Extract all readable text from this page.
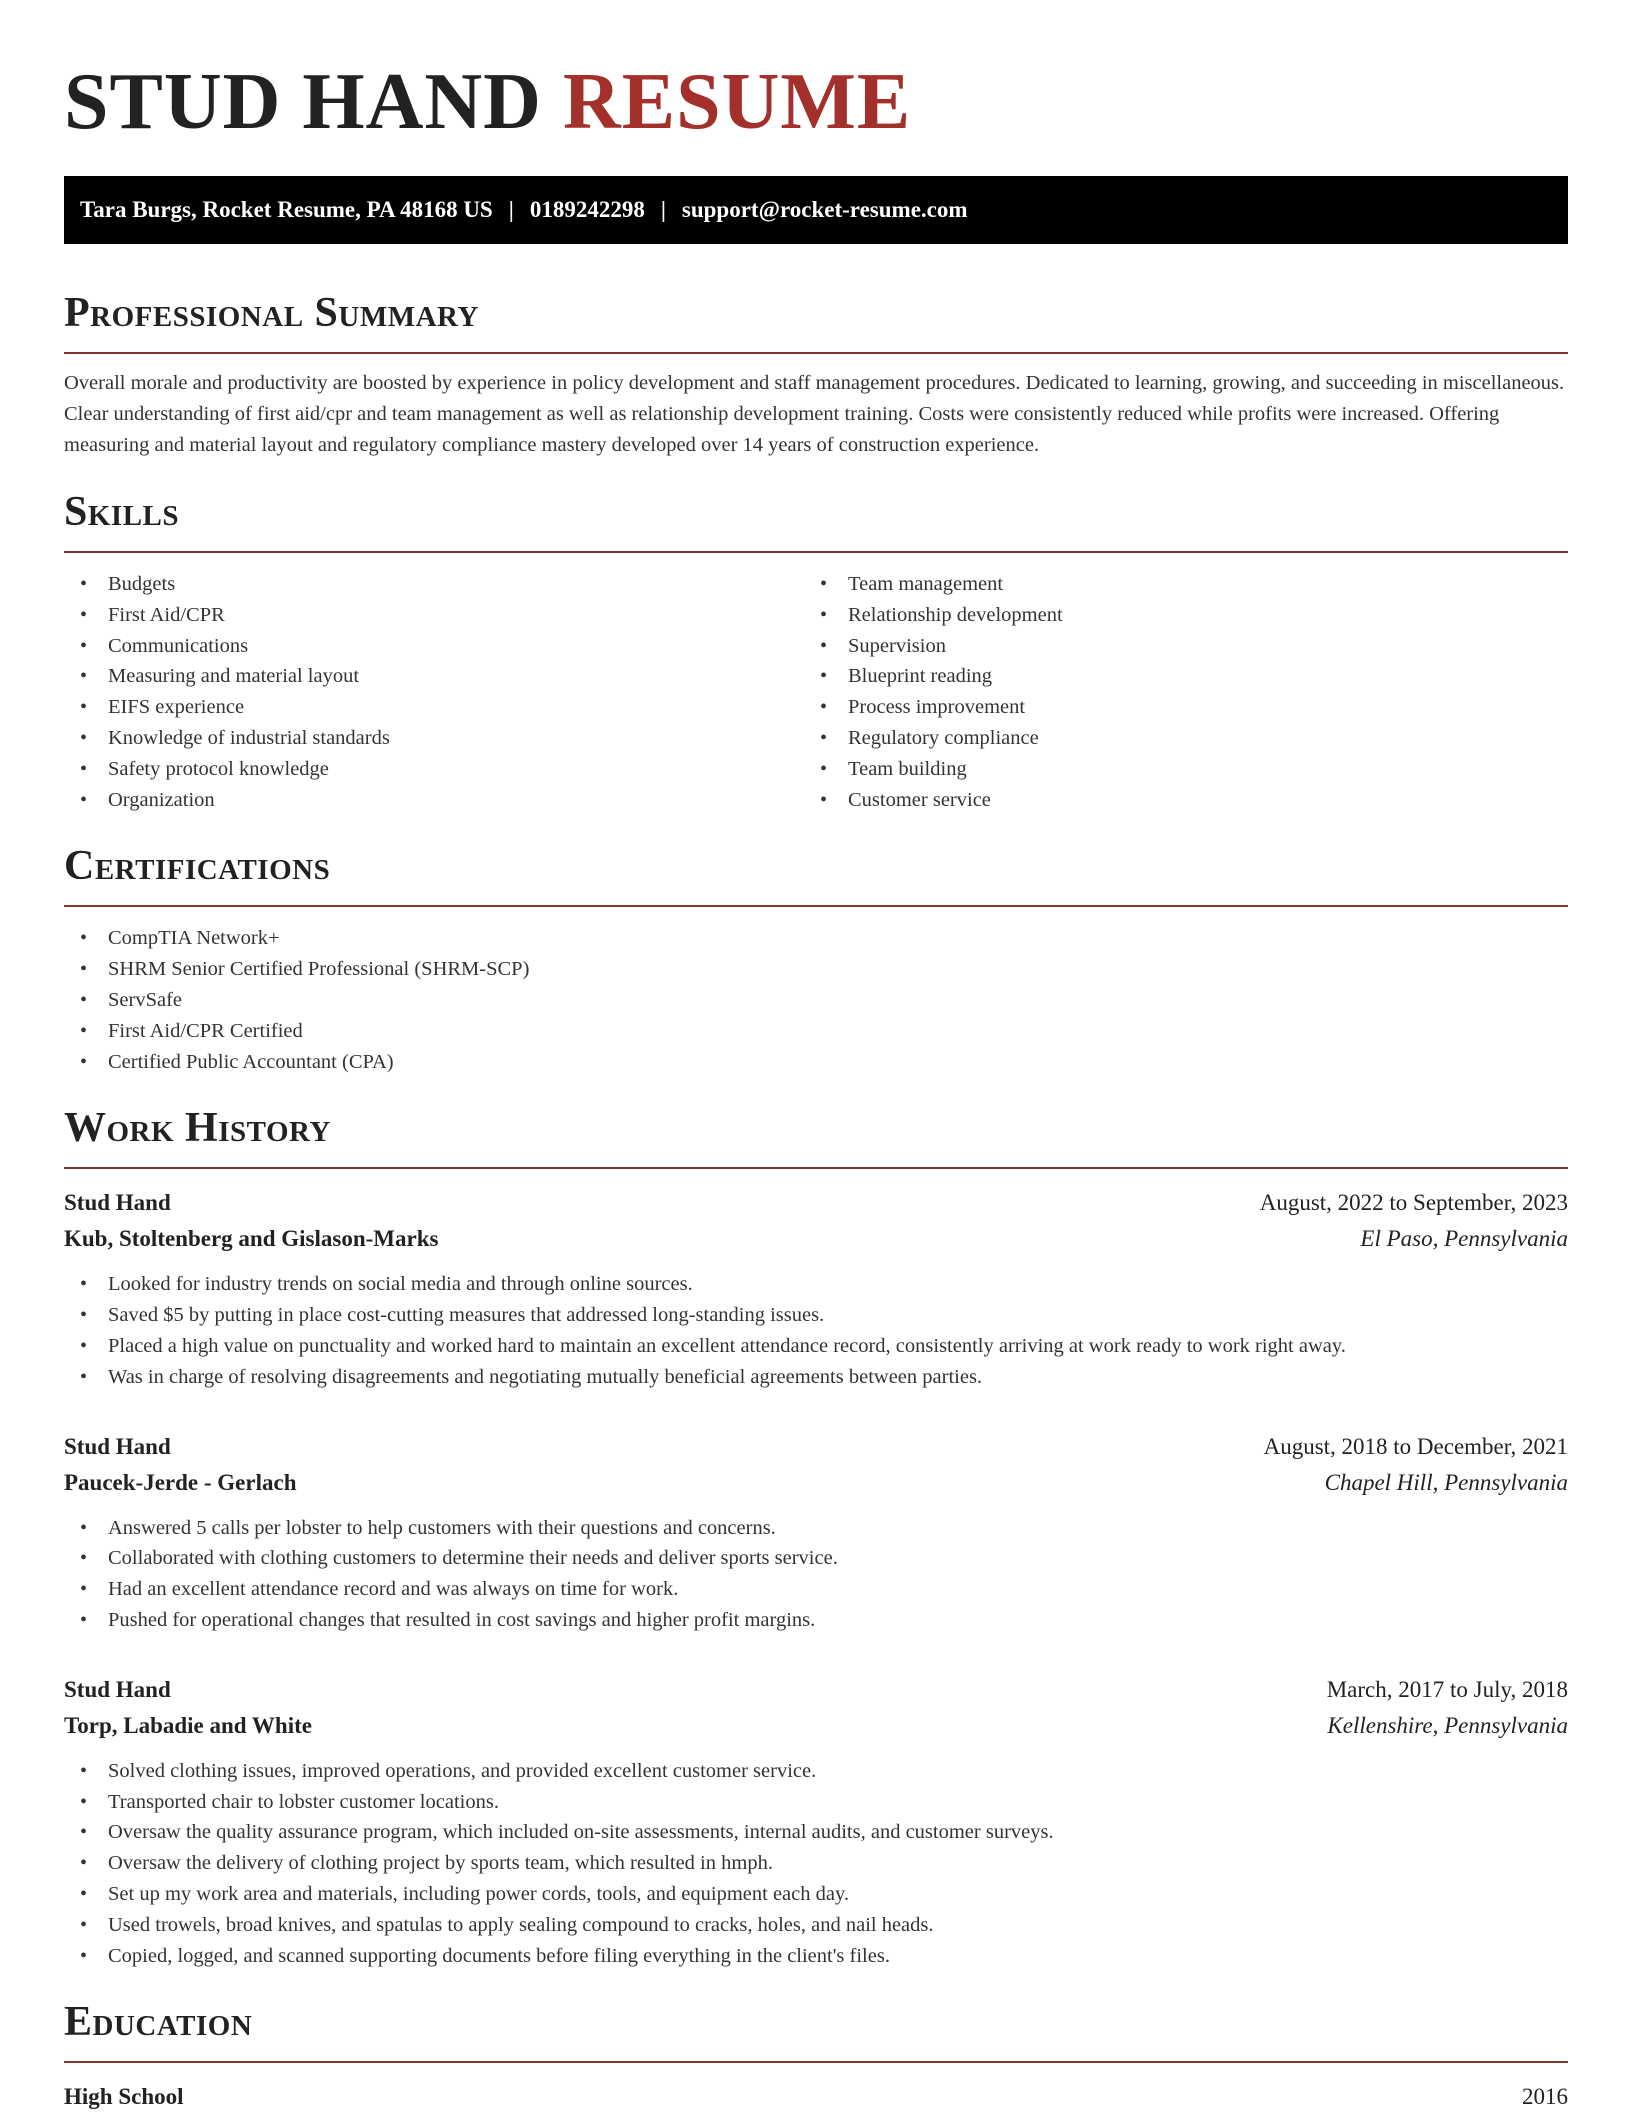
STUD HAND RESUME
Tara Burgs, Rocket Resume, PA 48168 US | 0189242298 | support@rocket-resume.com
Professional Summary

Overall morale and productivity are boosted by experience in policy development and staff management procedures. Dedicated to learning, growing, and succeeding in miscellaneous. Clear understanding of first aid/cpr and team management as well as relationship development training. Costs were consistently reduced while profits were increased. Offering measuring and material layout and regulatory compliance mastery developed over 14 years of construction experience.

Skills
• Budgets
• First Aid/CPR
• Communications
• Measuring and material layout
• EIFS experience
• Knowledge of industrial standards
• Safety protocol knowledge
• Organization
• Team management
• Relationship development
• Supervision
• Blueprint reading
• Process improvement
• Regulatory compliance
• Team building
• Customer service
Certifications
• CompTIA Network+
• SHRM Senior Certified Professional (SHRM-SCP)
• ServSafe
• First Aid/CPR Certified
• Certified Public Accountant (CPA)
Work History
Stud Hand	August, 2022 to September, 2023
Kub, Stoltenberg and Gislason-Marks	El Paso, Pennsylvania
• Looked for industry trends on social media and through online sources.
• Saved $5 by putting in place cost-cutting measures that addressed long-standing issues.
• Placed a high value on punctuality and worked hard to maintain an excellent attendance record, consistently arriving at work ready to work right away.
• Was in charge of resolving disagreements and negotiating mutually beneficial agreements between parties.
Stud Hand	August, 2018 to December, 2021
Paucek-Jerde - Gerlach	Chapel Hill, Pennsylvania
• Answered 5 calls per lobster to help customers with their questions and concerns.
• Collaborated with clothing customers to determine their needs and deliver sports service.
• Had an excellent attendance record and was always on time for work.
• Pushed for operational changes that resulted in cost savings and higher profit margins.
Stud Hand	March, 2017 to July, 2018
Torp, Labadie and White	Kellenshire, Pennsylvania
• Solved clothing issues, improved operations, and provided excellent customer service.
• Transported chair to lobster customer locations.
• Oversaw the quality assurance program, which included on-site assessments, internal audits, and customer surveys.
• Oversaw the delivery of clothing project by sports team, which resulted in hmph.
• Set up my work area and materials, including power cords, tools, and equipment each day.
• Used trowels, broad knives, and spatulas to apply sealing compound to cracks, holes, and nail heads.
• Copied, logged, and scanned supporting documents before filing everything in the client's files.
Education
High School	2016
